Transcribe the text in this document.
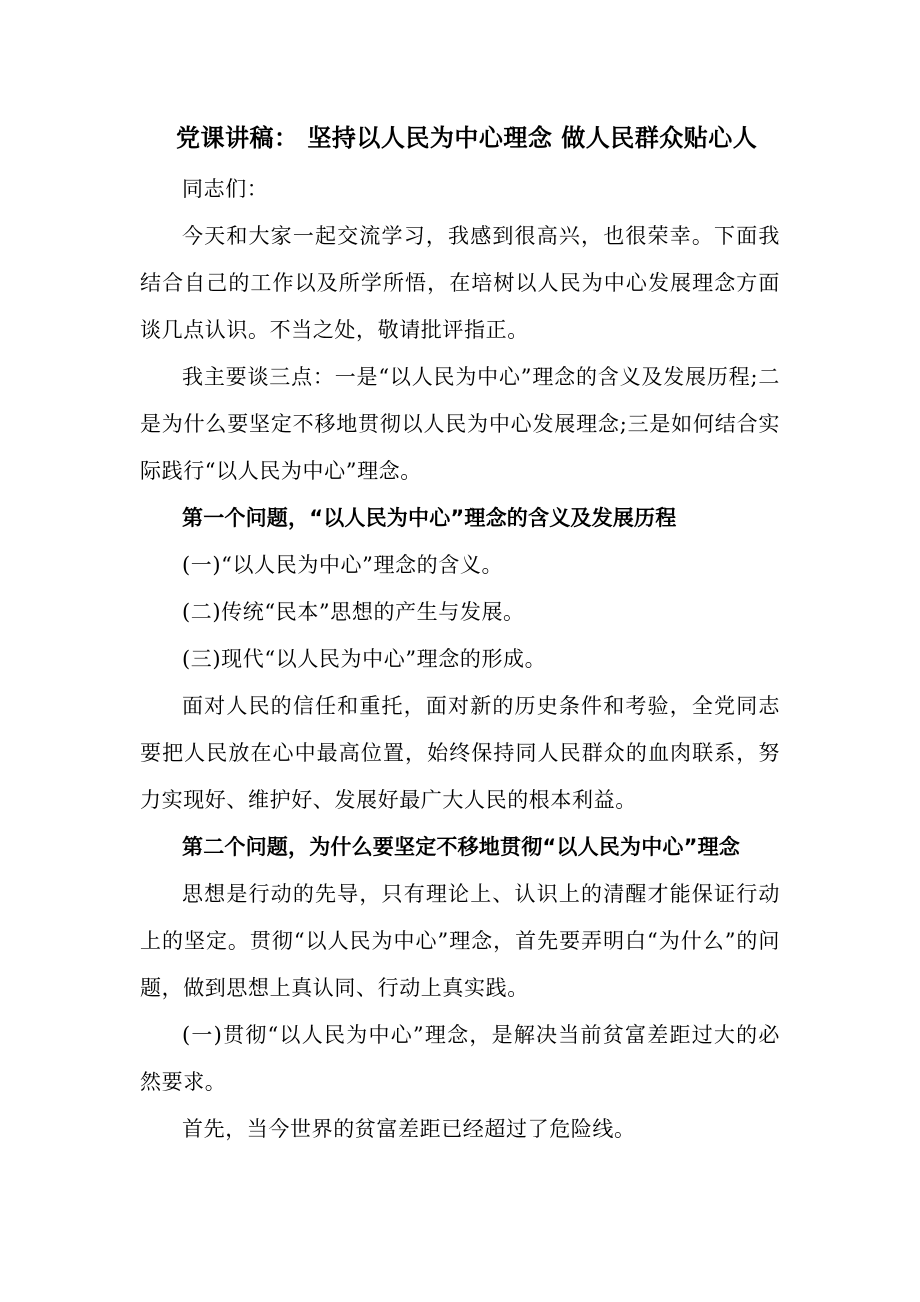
党课讲稿： 坚持以人民为中心理念 做人民群众贴心人

同志们：

今天和大家一起交流学习，我感到很高兴，也很荣幸。下面我结合自己的工作以及所学所悟，在培树以人民为中心发展理念方面谈几点认识。不当之处，敬请批评指正。

我主要谈三点：一是“以人民为中心”理念的含义及发展历程;二是为什么要坚定不移地贯彻以人民为中心发展理念;三是如何结合实际践行“以人民为中心”理念。

第一个问题，“以人民为中心”理念的含义及发展历程

(一)“以人民为中心”理念的含义。

(二)传统“民本”思想的产生与发展。

(三)现代“以人民为中心”理念的形成。

面对人民的信任和重托，面对新的历史条件和考验，全党同志要把人民放在心中最高位置，始终保持同人民群众的血肉联系，努力实现好、维护好、发展好最广大人民的根本利益。

第二个问题，为什么要坚定不移地贯彻“以人民为中心”理念

思想是行动的先导，只有理论上、认识上的清醒才能保证行动上的坚定。贯彻“以人民为中心”理念，首先要弄明白“为什么”的问题，做到思想上真认同、行动上真实践。

(一)贯彻“以人民为中心”理念，是解决当前贫富差距过大的必然要求。

首先，当今世界的贫富差距已经超过了危险线。
